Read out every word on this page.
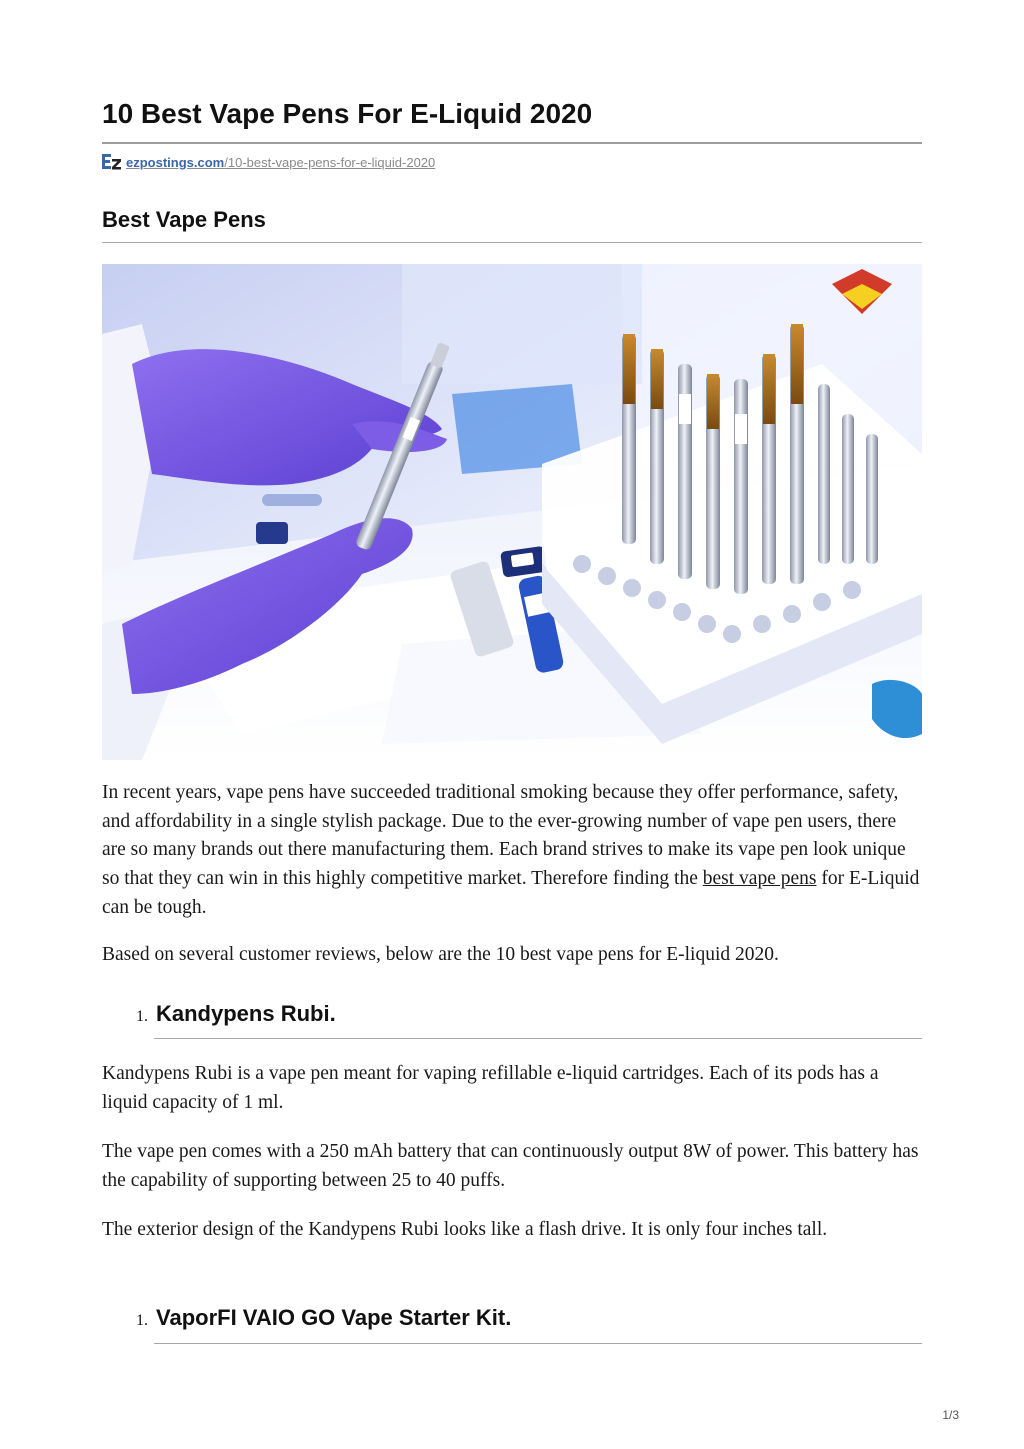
10 Best Vape Pens For E-Liquid 2020
ezpostings.com/10-best-vape-pens-for-e-liquid-2020
Best Vape Pens

In recent years, vape pens have succeeded traditional smoking because they offer performance, safety, and affordability in a single stylish package. Due to the ever-growing number of vape pen users, there are so many brands out there manufacturing them. Each brand strives to make its vape pen look unique so that they can win in this highly competitive market. Therefore finding the best vape pens for E-Liquid can be tough.

Based on several customer reviews, below are the 10 best vape pens for E-liquid 2020.

1. Kandypens Rubi.

Kandypens Rubi is a vape pen meant for vaping refillable e-liquid cartridges. Each of its pods has a liquid capacity of 1 ml.

The vape pen comes with a 250 mAh battery that can continuously output 8W of power. This battery has the capability of supporting between 25 to 40 puffs.

The exterior design of the Kandypens Rubi looks like a flash drive. It is only four inches tall.

1. VaporFI VAIO GO Vape Starter Kit.
1/3
